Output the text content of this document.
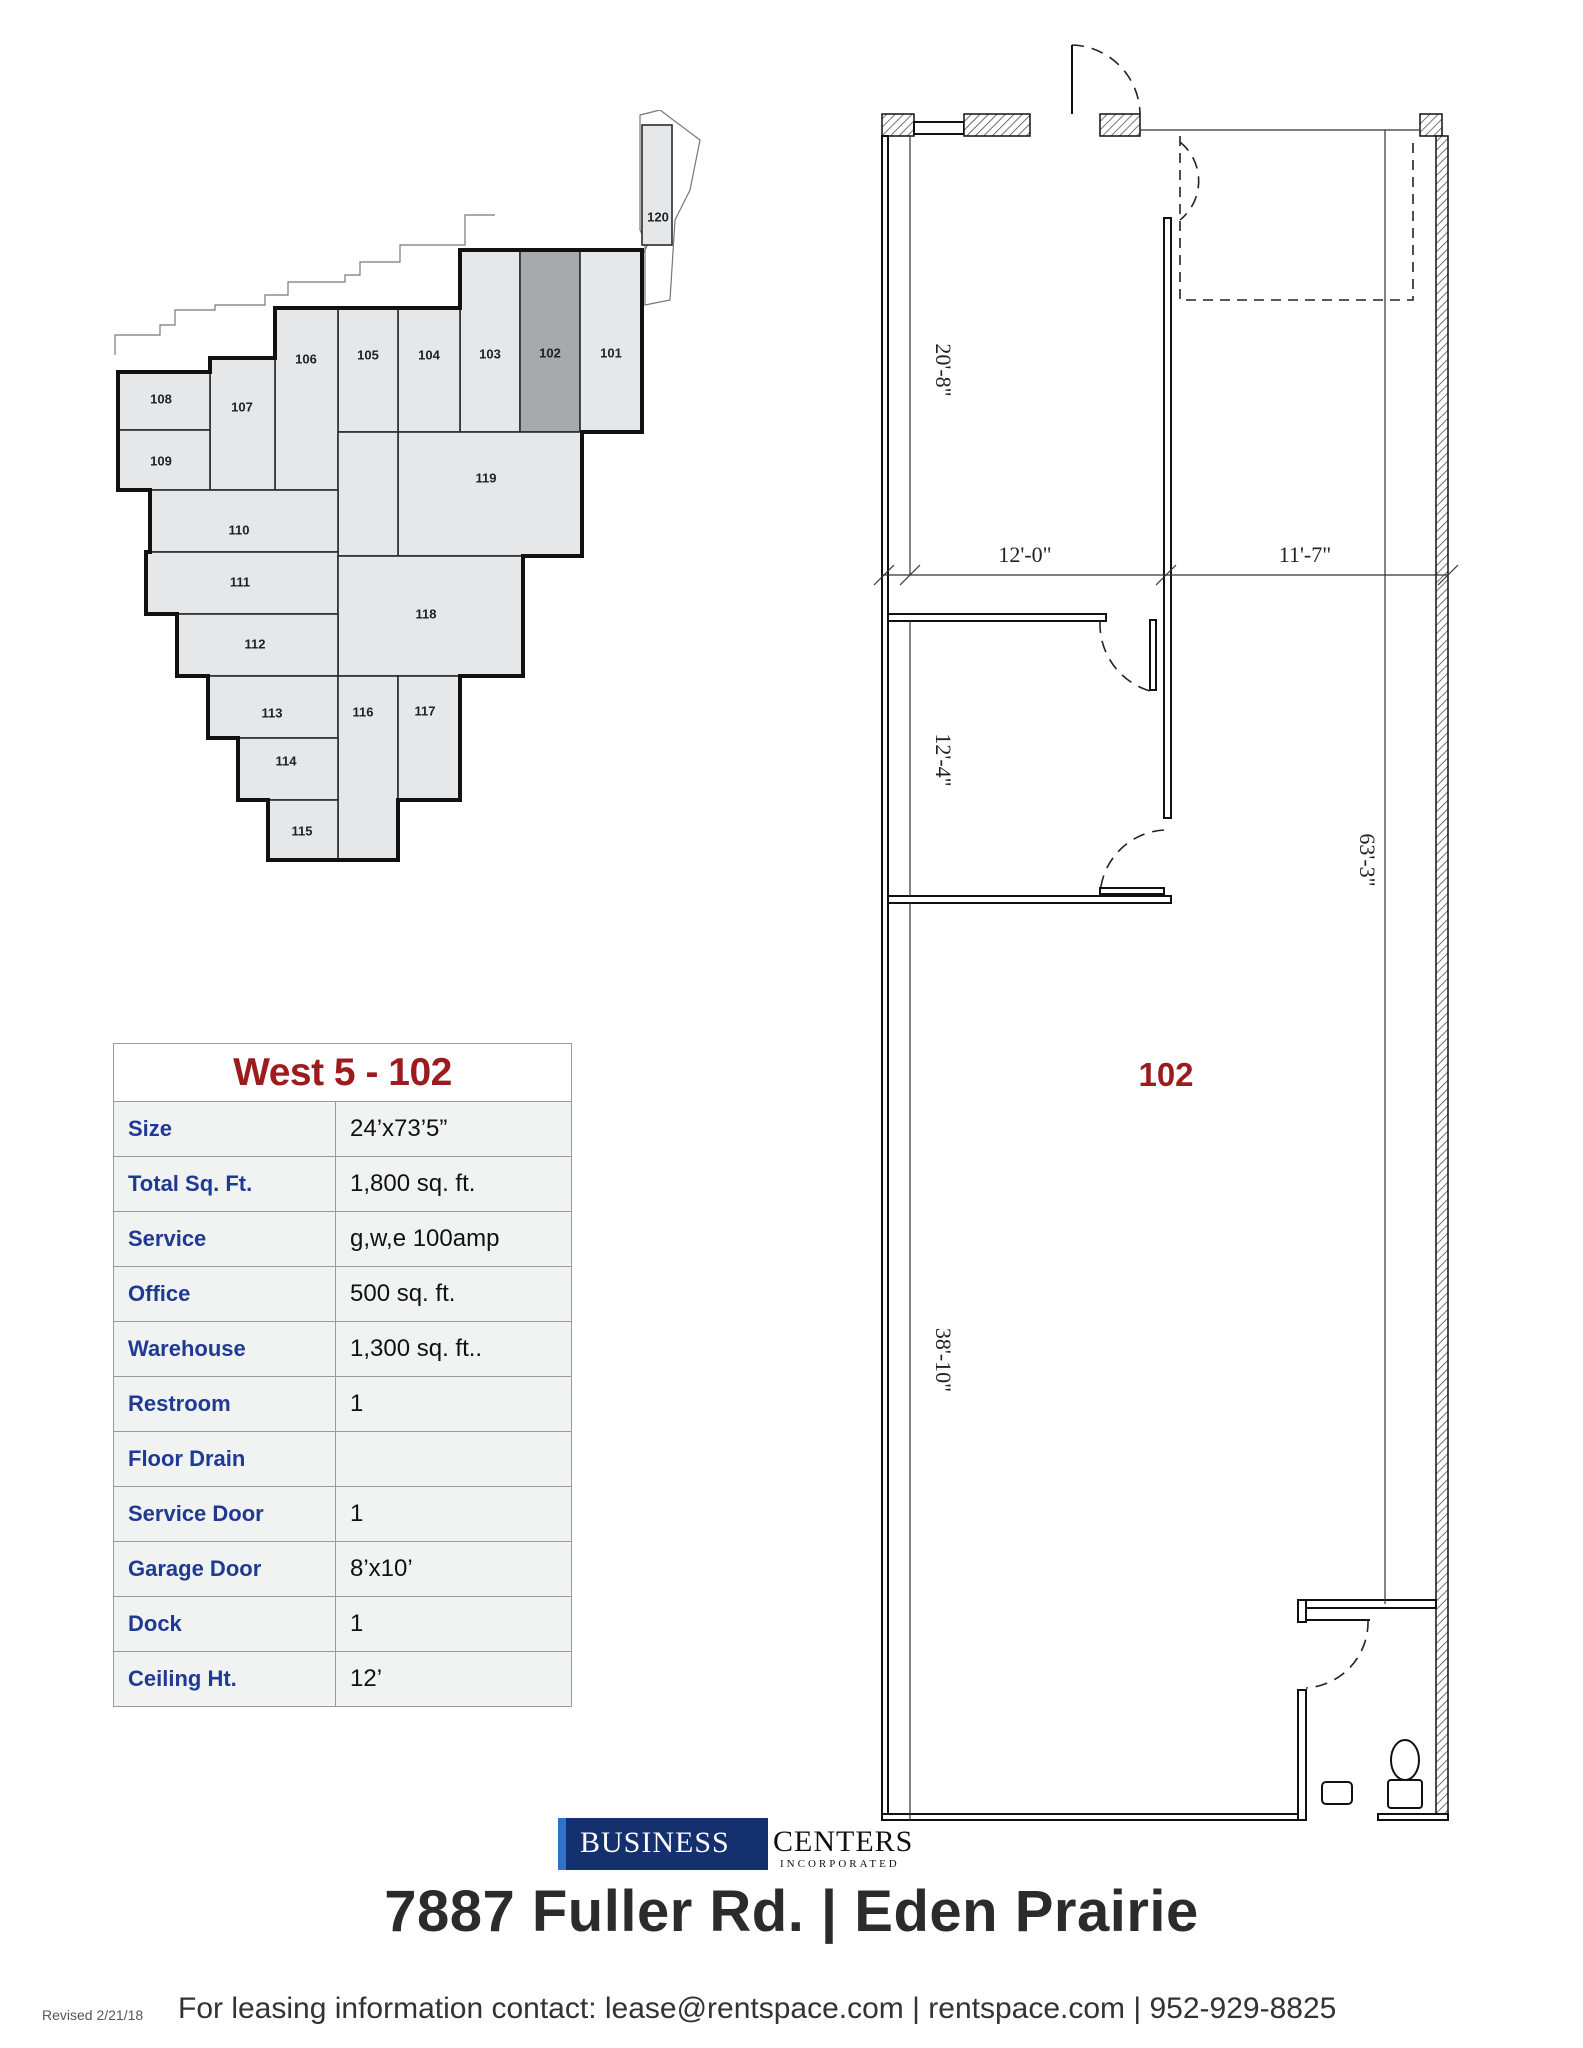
103	102	101
104
105
106
107
108
109
110
111
112
113
114
115
116	117
118
119
120
20'-8"
12'-0"	11'-7"
12'-4"
63'-3"
38'-10"
102
West 5 - 102	
Size	24’x73’5”
Total Sq. Ft.	1,800 sq. ft.
Service	g,w,e 100amp
Office	500 sq. ft.
Warehouse	1,300 sq. ft..
Restroom	1
Floor Drain	
Service Door	1
Garage Door	8’x10’
Dock	1
Ceiling Ht.	12’
BUSINESS CENTERS
INCORPORATED
7887 Fuller Rd. | Eden Prairie
Revised 2/21/18 For leasing information contact: lease@rentspace.com | rentspace.com | 952-929-8825
